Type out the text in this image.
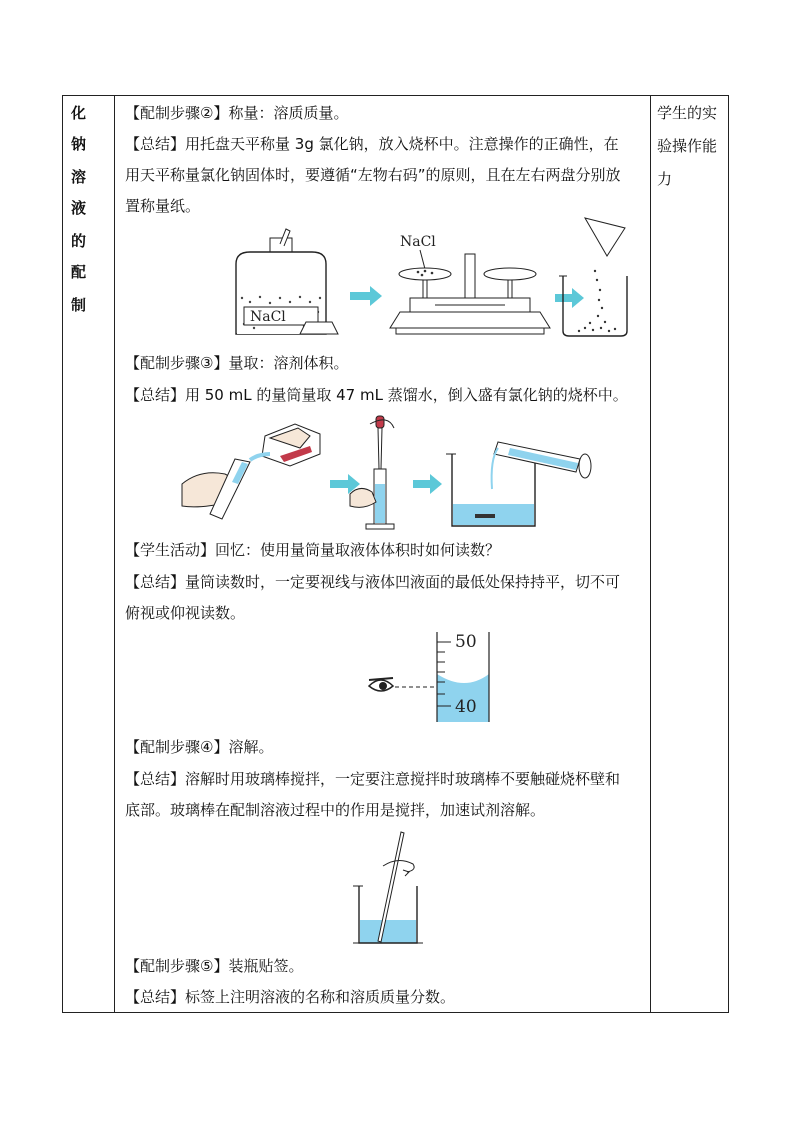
化钠
溶液
的配
制
学生的实
验操作能
力
【配制步骤②】称量：溶质质量。
【总结】用托盘天平称量 3g 氯化钠，放入烧杯中。注意操作的正确性，在
用天平称量氯化钠固体时，要遵循“左物右码”的原则，且在左右两盘分别放
置称量纸。
NaCl
NaCl
【配制步骤③】量取：溶剂体积。
【总结】用 50 mL 的量筒量取 47 mL 蒸馏水，倒入盛有氯化钠的烧杯中。
【学生活动】回忆：使用量筒量取液体体积时如何读数？
【总结】量筒读数时，一定要视线与液体凹液面的最低处保持持平，切不可
俯视或仰视读数。
50
40
【配制步骤④】溶解。
【总结】溶解时用玻璃棒搅拌，一定要注意搅拌时玻璃棒不要触碰烧杯壁和
底部。玻璃棒在配制溶液过程中的作用是搅拌，加速试剂溶解。
【配制步骤⑤】装瓶贴签。
【总结】标签上注明溶液的名称和溶质质量分数。
